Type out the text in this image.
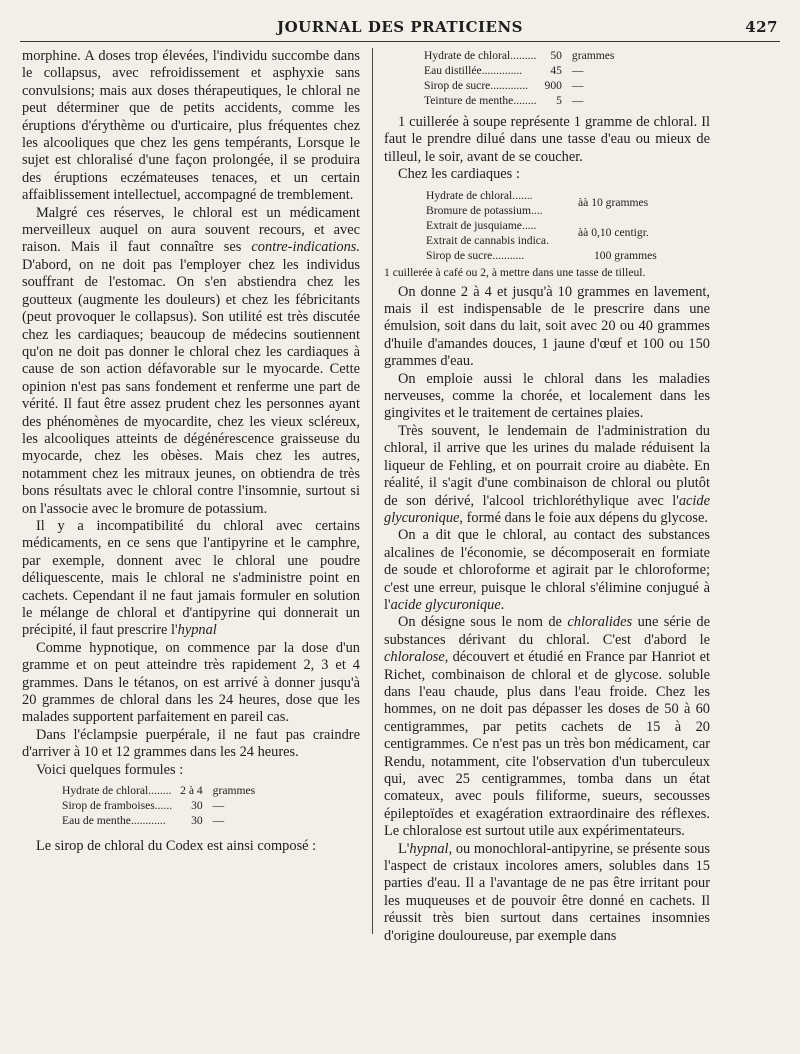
JOURNAL DES PRATICIENS	427

morphine. A doses trop élevées, l'individu succombe dans le collapsus, avec refroidissement et asphyxie sans convulsions; mais aux doses thérapeutiques, le chloral ne peut déterminer que de petits accidents, comme les éruptions d'érythème ou d'urticaire, plus fréquentes chez les alcooliques que chez les gens tempérants, Lorsque le sujet est chloralisé d'une façon prolongée, il se produira des éruptions eczémateuses tenaces, et un certain affaiblissement intellectuel, accompagné de tremblement.

Malgré ces réserves, le chloral est un médicament merveilleux auquel on aura souvent recours, et avec raison. Mais il faut connaître ses contre-indications. D'abord, on ne doit pas l'employer chez les individus souffrant de l'estomac. On s'en abstiendra chez les goutteux (augmente les douleurs) et chez les fébricitants (peut provoquer le collapsus). Son utilité est très discutée chez les cardiaques; beaucoup de médecins soutiennent qu'on ne doit pas donner le chloral chez les cardiaques à cause de son action défavorable sur le myocarde. Cette opinion n'est pas sans fondement et renferme une part de vérité. Il faut être assez prudent chez les personnes ayant des phénomènes de myocardite, chez les vieux scléreux, les alcooliques atteints de dégénérescence graisseuse du myocarde, chez les obèses. Mais chez les autres, notamment chez les mitraux jeunes, on obtiendra de très bons résultats avec le chloral contre l'insomnie, surtout si on l'associe avec le bromure de potassium.

Il y a incompatibilité du chloral avec certains médicaments, en ce sens que l'antipyrine et le camphre, par exemple, donnent avec le chloral une poudre déliquescente, mais le chloral ne s'administre point en cachets. Cependant il ne faut jamais formuler en solution le mélange de chloral et d'antipyrine qui donnerait un précipité, il faut prescrire l'hypnal

Comme hypnotique, on commence par la dose d'un gramme et on peut atteindre très rapidement 2, 3 et 4 grammes. Dans le tétanos, on est arrivé à donner jusqu'à 20 grammes de chloral dans les 24 heures, dose que les malades supportent parfaitement en pareil cas.

Dans l'éclampsie puerpérale, il ne faut pas craindre d'arriver à 10 et 12 grammes dans les 24 heures.

Voici quelques formules :

Hydrate de chloral........	2 à 4	grammes
Sirop de framboises......	30	—
Eau de menthe............	30	—

Le sirop de chloral du Codex est ainsi composé :

Hydrate de chloral.........	50	grammes
Eau distillée..............	45	—
Sirop de sucre.............	900	—
Teinture de menthe........	5	—

1 cuillerée à soupe représente 1 gramme de chloral. Il faut le prendre dilué dans une tasse d'eau ou mieux de tilleul, le soir, avant de se coucher.

Chez les cardiaques :

Hydrate de chloral.......
Bromure de potassium....
àà 10 grammes
Extrait de jusquiame.....
Extrait de cannabis indica.
àà 0,10 centigr.
Sirop de sucre...........	100 grammes
1 cuillerée à café ou 2, à mettre dans une tasse de tilleul.

On donne 2 à 4 et jusqu'à 10 grammes en lavement, mais il est indispensable de le prescrire dans une émulsion, soit dans du lait, soit avec 20 ou 40 grammes d'huile d'amandes douces, 1 jaune d'œuf et 100 ou 150 grammes d'eau.

On emploie aussi le chloral dans les maladies nerveuses, comme la chorée, et localement dans les gingivites et le traitement de certaines plaies.

Très souvent, le lendemain de l'administration du chloral, il arrive que les urines du malade réduisent la liqueur de Fehling, et on pourrait croire au diabète. En réalité, il s'agit d'une combinaison de chloral ou plutôt de son dérivé, l'alcool trichloréthylique avec l'acide glycuronique, formé dans le foie aux dépens du glycose.

On a dit que le chloral, au contact des substances alcalines de l'économie, se décomposerait en formiate de soude et chloroforme et agirait par le chloroforme; c'est une erreur, puisque le chloral s'élimine conjugué à l'acide glycuronique.

On désigne sous le nom de chloralides une série de substances dérivant du chloral. C'est d'abord le chloralose, découvert et étudié en France par Hanriot et Richet, combinaison de chloral et de glycose. soluble dans l'eau chaude, plus dans l'eau froide. Chez les hommes, on ne doit pas dépasser les doses de 50 à 60 centigrammes, par petits cachets de 15 à 20 centigrammes. Ce n'est pas un très bon médicament, car Rendu, notamment, cite l'observation d'un tuberculeux qui, avec 25 centigrammes, tomba dans un état comateux, avec pouls filiforme, sueurs, secousses épileptoïdes et exagération extraordinaire des réflexes. Le chloralose est surtout utile aux expérimentateurs.

L'hypnal, ou monochloral-antipyrine, se présente sous l'aspect de cristaux incolores amers, solubles dans 15 parties d'eau. Il a l'avantage de ne pas être irritant pour les muqueuses et de pouvoir être donné en cachets. Il réussit très bien surtout dans certaines insomnies d'origine douloureuse, par exemple dans
